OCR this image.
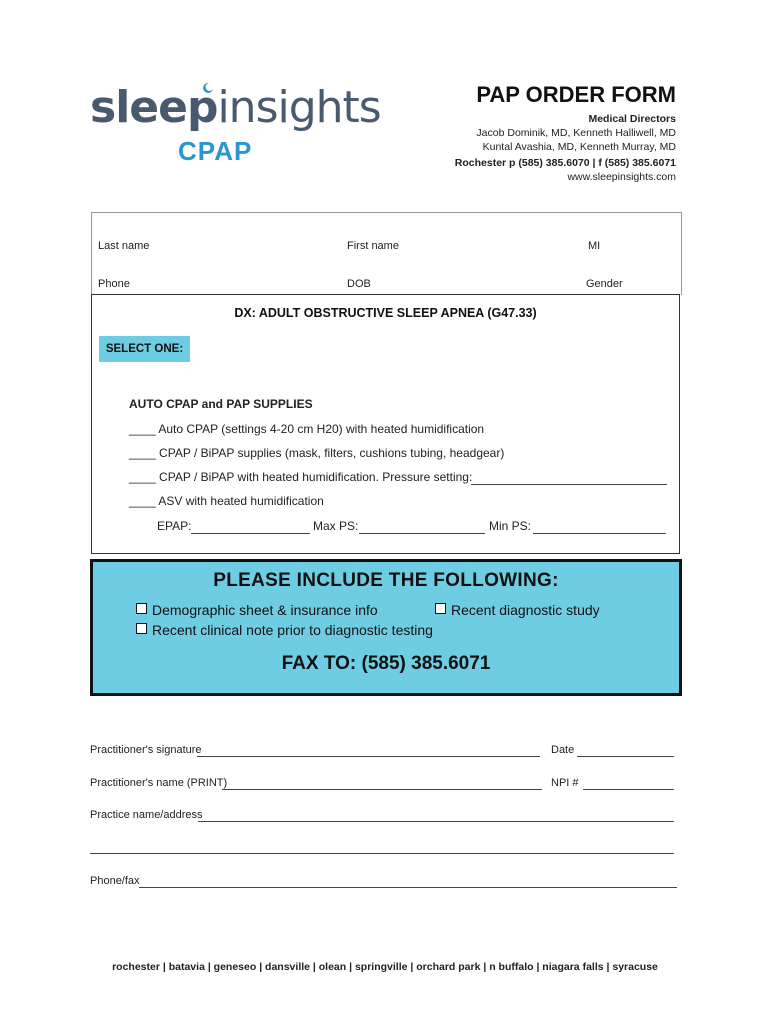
sleepinsights
CPAP
PAP ORDER FORM
Medical Directors
Jacob Dominik, MD, Kenneth Halliwell, MD
Kuntal Avashia, MD, Kenneth Murray, MD
Rochester p (585) 385.6070 | f (585) 385.6071
www.sleepinsights.com
Last name	First name	MI
Phone	DOB	Gender
DX: ADULT OBSTRUCTIVE SLEEP APNEA (G47.33)
SELECT ONE:
AUTO CPAP and PAP SUPPLIES
____ Auto CPAP (settings 4-20 cm H20) with heated humidification
____ CPAP / BiPAP supplies (mask, filters, cushions tubing, headgear)
____ CPAP / BiPAP with heated humidification. Pressure setting:
____ ASV with heated humidification
EPAP:	Max PS:	Min PS:
PLEASE INCLUDE THE FOLLOWING:
Demographic sheet & insurance info	Recent diagnostic study
Recent clinical note prior to diagnostic testing
FAX TO: (585) 385.6071
Practitioner's signature	Date
Practitioner's name (PRINT)	NPI #
Practice name/address
Phone/fax
rochester | batavia | geneseo | dansville | olean | springville | orchard park | n buffalo | niagara falls | syracuse
